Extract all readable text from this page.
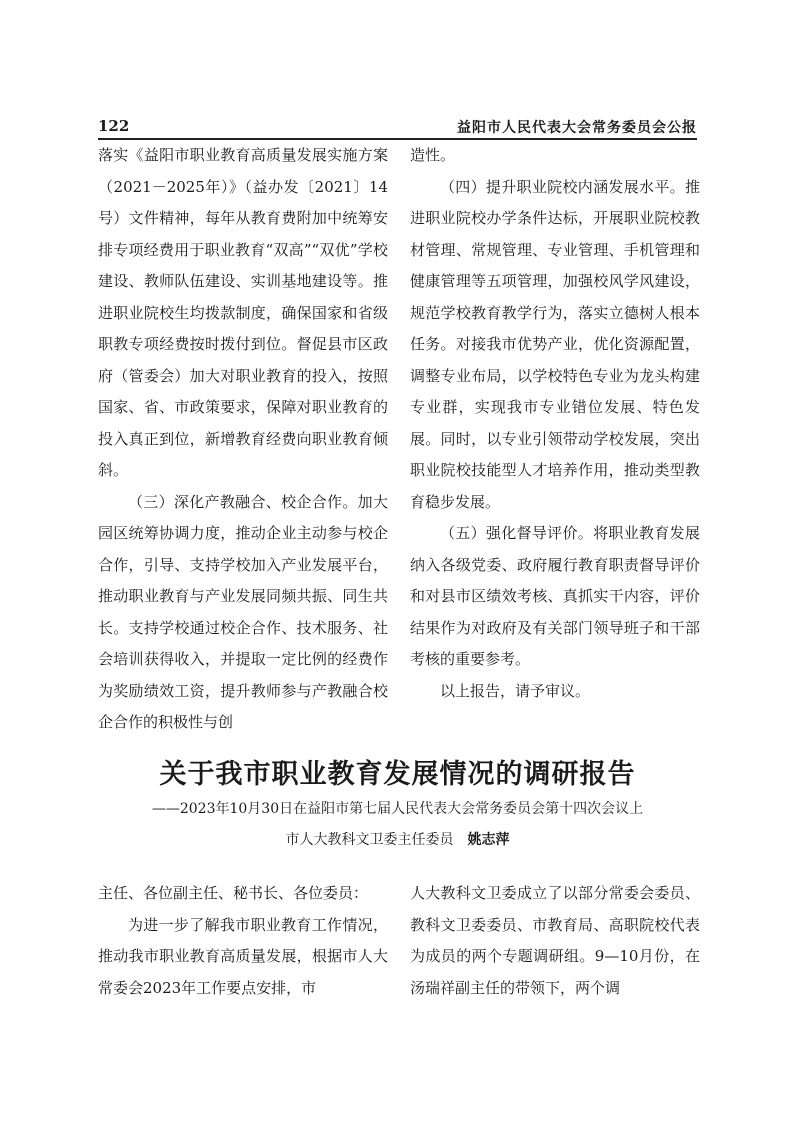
122	益阳市人民代表大会常务委员会公报

落实《益阳市职业教育高质量发展实施方案（2021－2025年）》（益办发〔2021〕14号）文件精神，每年从教育费附加中统筹安排专项经费用于职业教育“双高”“双优”学校建设、教师队伍建设、实训基地建设等。推进职业院校生均拨款制度，确保国家和省级职教专项经费按时拨付到位。督促县市区政府（管委会）加大对职业教育的投入，按照国家、省、市政策要求，保障对职业教育的投入真正到位，新增教育经费向职业教育倾斜。

（三）深化产教融合、校企合作。加大园区统筹协调力度，推动企业主动参与校企合作，引导、支持学校加入产业发展平台，推动职业教育与产业发展同频共振、同生共长。支持学校通过校企合作、技术服务、社会培训获得收入，并提取一定比例的经费作为奖励绩效工资，提升教师参与产教融合校企合作的积极性与创

造性。

（四）提升职业院校内涵发展水平。推进职业院校办学条件达标，开展职业院校教材管理、常规管理、专业管理、手机管理和健康管理等五项管理，加强校风学风建设，规范学校教育教学行为，落实立德树人根本任务。对接我市优势产业，优化资源配置，调整专业布局，以学校特色专业为龙头构建专业群，实现我市专业错位发展、特色发展。同时，以专业引领带动学校发展，突出职业院校技能型人才培养作用，推动类型教育稳步发展。

（五）强化督导评价。将职业教育发展纳入各级党委、政府履行教育职责督导评价和对县市区绩效考核、真抓实干内容，评价结果作为对政府及有关部门领导班子和干部考核的重要参考。

以上报告，请予审议。

关于我市职业教育发展情况的调研报告
——2023年10月30日在益阳市第七届人民代表大会常务委员会第十四次会议上
市人大教科文卫委主任委员 姚志萍

主任、各位副主任、秘书长、各位委员：

为进一步了解我市职业教育工作情况，推动我市职业教育高质量发展，根据市人大常委会2023年工作要点安排，市

人大教科文卫委成立了以部分常委会委员、教科文卫委委员、市教育局、高职院校代表为成员的两个专题调研组。9—10月份，在汤瑞祥副主任的带领下，两个调
